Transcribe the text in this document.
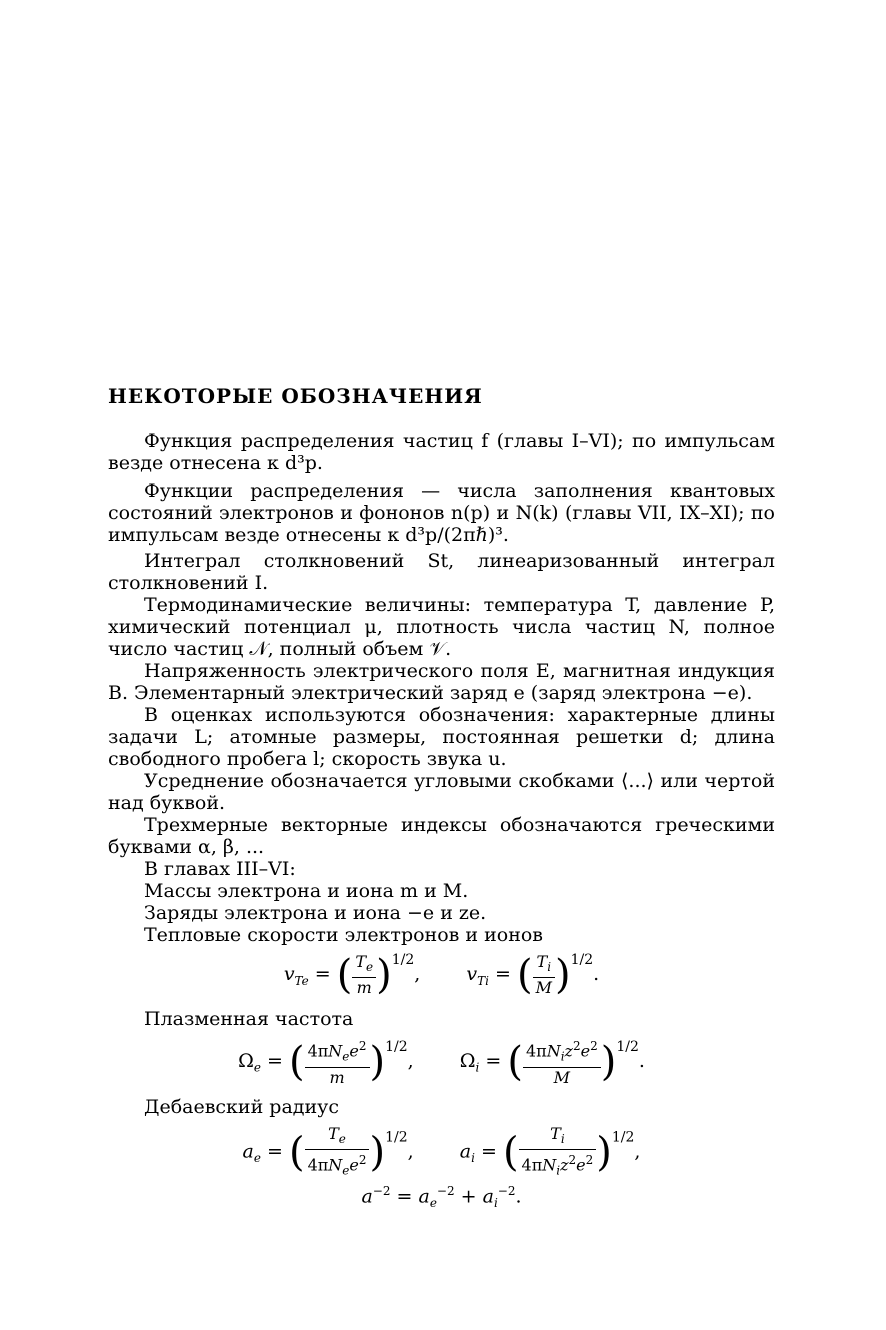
НЕКОТОРЫЕ ОБОЗНАЧЕНИЯ
Функция распределения частиц f (главы I–VI); по импульсам везде отнесена к d³p.
Функции распределения — числа заполнения квантовых состояний электронов и фононов n(p) и N(k) (главы VII, IX–XI); по импульсам везде отнесены к d³p/(2πℏ)³.
Интеграл столкновений St, линеаризованный интеграл столкновений I.
Термодинамические величины: температура T, давление P, химический потенциал μ, плотность числа частиц N, полное число частиц 𝒩, полный объем 𝒱.
Напряженность электрического поля E, магнитная индукция B. Элементарный электрический заряд e (заряд электрона −e).
В оценках используются обозначения: характерные длины задачи L; атомные размеры, постоянная решетки d; длина свободного пробега l; скорость звука u.
Усреднение обозначается угловыми скобками ⟨...⟩ или чертой над буквой.
Трехмерные векторные индексы обозначаются греческими буквами α, β, ...
В главах III–VI:
Массы электрона и иона m и M.
Заряды электрона и иона −e и ze.
Тепловые скорости электронов и ионов
$v_{Te}$ = ( $\frac{T_e}{m} )^{1/2}$,  $v_{Ti}$ = ( $\frac{T_i}{M} )^{1/2}$.
Плазменная частота
$\Omega_e$ = ( $\frac{4\pi N_ee^2}{m} )^{1/2}$,  $\Omega_i$ = ( $\frac{4\pi N_iz^2e^2}{M} )^{1/2}$.
Дебаевский радиус
$a_e$ = ( $\frac{T_e}{4\pi N_ee^2} )^{1/2}$,  $a_i$ = ( $\frac{T_i}{4\pi N_iz^2e^2} )^{1/2}$,
$a^{-2} = a_e^{-2} + a_i^{-2}$.
